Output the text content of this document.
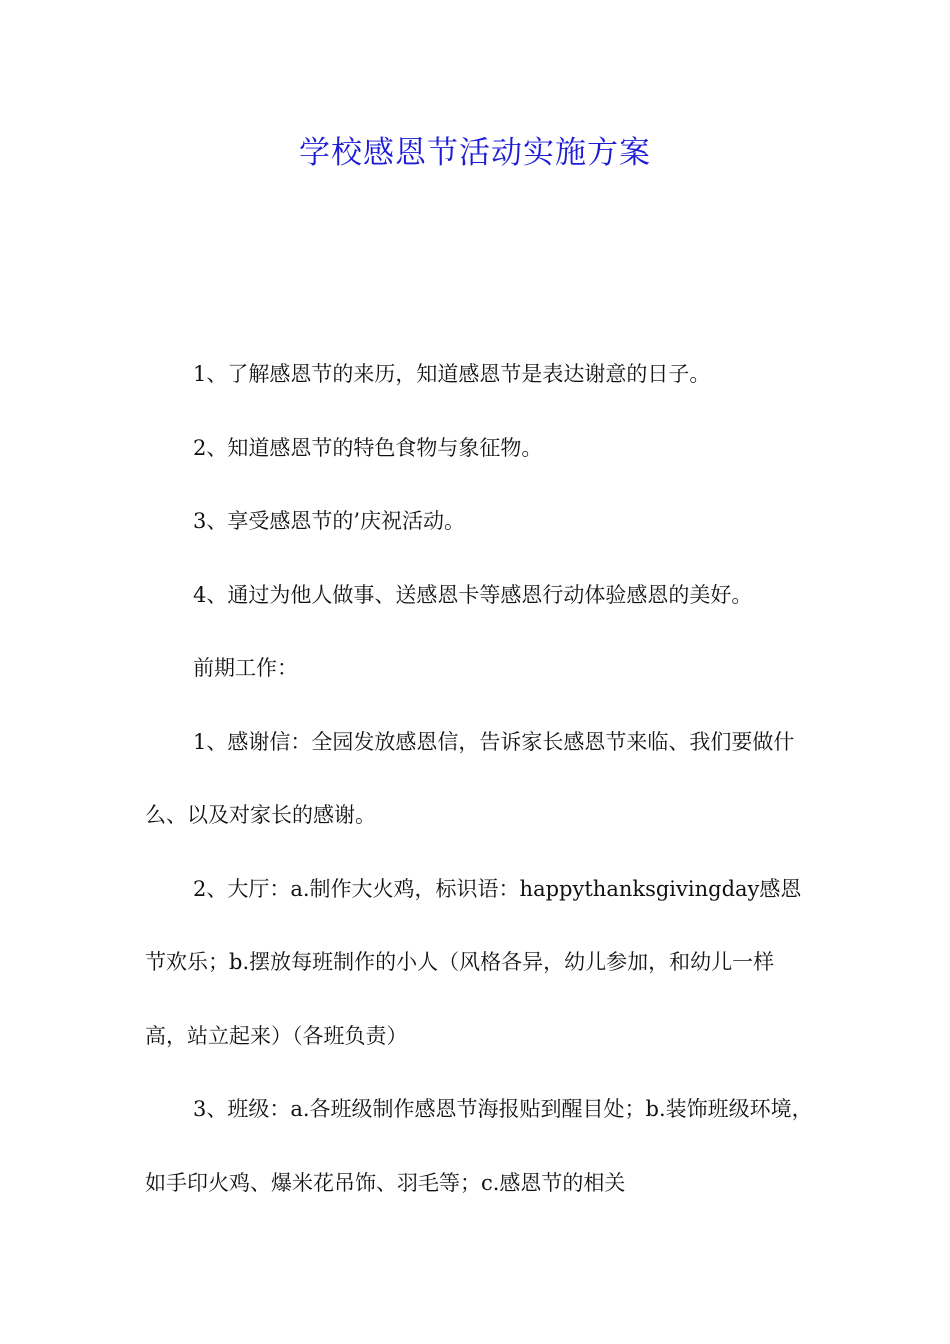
学校感恩节活动实施方案

1、了解感恩节的来历，知道感恩节是表达谢意的日子。

2、知道感恩节的特色食物与象征物。

3、享受感恩节的’庆祝活动。

4、通过为他人做事、送感恩卡等感恩行动体验感恩的美好。

前期工作：

1、感谢信：全园发放感恩信，告诉家长感恩节来临、我们要做什么、以及对家长的感谢。

2、大厅：a.制作大火鸡，标识语：happythanksgivingday感恩节欢乐；b.摆放每班制作的小人（风格各异，幼儿参加，和幼儿一样高，站立起来）（各班负责）

3、班级：a.各班级制作感恩节海报贴到醒目处；b.装饰班级环境，如手印火鸡、爆米花吊饰、羽毛等；c.感恩节的相关
